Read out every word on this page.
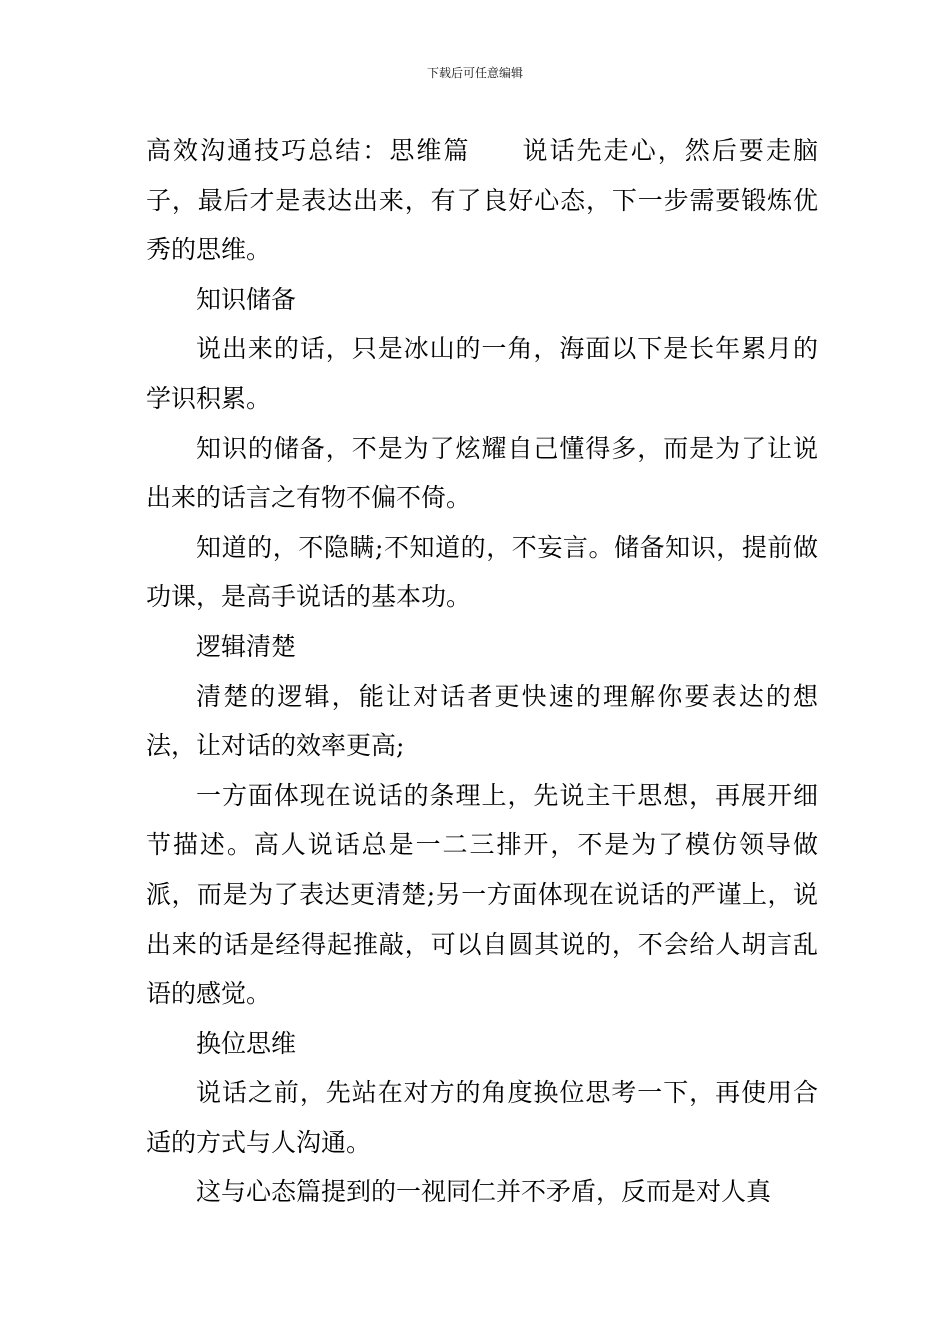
下载后可任意编辑

高效沟通技巧总结：思维篇 说话先走心，然后要走脑子，最后才是表达出来，有了良好心态，下一步需要锻炼优秀的思维。

知识储备

说出来的话，只是冰山的一角，海面以下是长年累月的学识积累。

知识的储备，不是为了炫耀自己懂得多，而是为了让说出来的话言之有物不偏不倚。

知道的，不隐瞒;不知道的，不妄言。储备知识，提前做功课，是高手说话的基本功。

逻辑清楚

清楚的逻辑，能让对话者更快速的理解你要表达的想法，让对话的效率更高;

一方面体现在说话的条理上，先说主干思想，再展开细节描述。高人说话总是一二三排开，不是为了模仿领导做派，而是为了表达更清楚;另一方面体现在说话的严谨上，说出来的话是经得起推敲，可以自圆其说的，不会给人胡言乱语的感觉。

换位思维

说话之前，先站在对方的角度换位思考一下，再使用合适的方式与人沟通。

这与心态篇提到的一视同仁并不矛盾，反而是对人真
